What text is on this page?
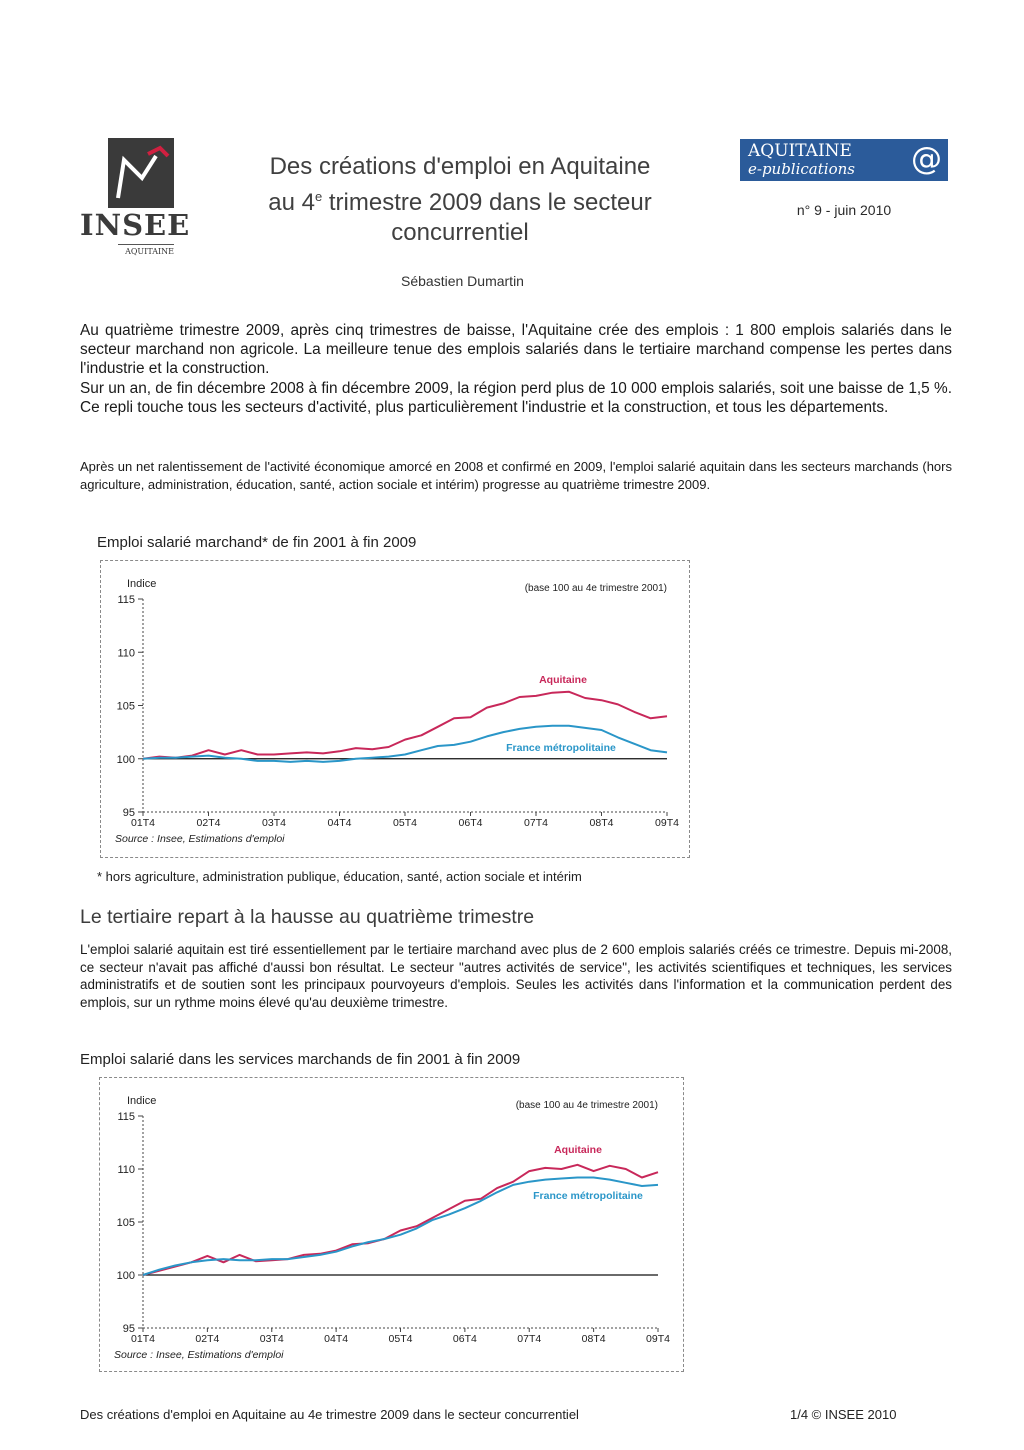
INSEE
AQUITAINE
Des créations d'emploi en Aquitaine
au 4e trimestre 2009 dans le secteur
concurrentiel
AQUITAINE
e-publications @
n° 9 - juin 2010
Sébastien Dumartin

Au quatrième trimestre 2009, après cinq trimestres de baisse, l'Aquitaine crée des emplois : 1 800 emplois salariés dans le secteur marchand non agricole. La meilleure tenue des emplois salariés dans le tertiaire marchand compense les pertes dans l'industrie et la construction.

Sur un an, de fin décembre 2008 à fin décembre 2009, la région perd plus de 10 000 emplois salariés, soit une baisse de 1,5 %. Ce repli touche tous les secteurs d'activité, plus particulièrement l'industrie et la construction, et tous les départements.

Après un net ralentissement de l'activité économique amorcé en 2008 et confirmé en 2009, l'emploi salarié aquitain dans les secteurs marchands (hors agriculture, administration, éducation, santé, action sociale et intérim) progresse au quatrième trimestre 2009.

Emploi salarié marchand* de fin 2001 à fin 2009
Indice	(base 100 au 4e trimestre 2001)
115
110
105
100
95
01T4	02T4	03T4	04T4	05T4	06T4	07T4	08T4	09T4
Aquitaine
France métropolitaine
Source : Insee, Estimations d'emploi
* hors agriculture, administration publique, éducation, santé, action sociale et intérim
Le tertiaire repart à la hausse au quatrième trimestre

L'emploi salarié aquitain est tiré essentiellement par le tertiaire marchand avec plus de 2 600 emplois salariés créés ce trimestre. Depuis mi-2008, ce secteur n'avait pas affiché d'aussi bon résultat. Le secteur "autres activités de service", les activités scientifiques et techniques, les services administratifs et de soutien sont les principaux pourvoyeurs d'emplois. Seules les activités dans l'information et la communication perdent des emplois, sur un rythme moins élevé qu'au deuxième trimestre.

Emploi salarié dans les services marchands de fin 2001 à fin 2009
Indice	(base 100 au 4e trimestre 2001)
115
110
105
100
95
01T4	02T4	03T4	04T4	05T4	06T4	07T4	08T4	09T4
Aquitaine
France métropolitaine
Source : Insee, Estimations d'emploi
Des créations d'emploi en Aquitaine au 4e trimestre 2009 dans le secteur concurrentiel	1/4 © INSEE 2010
